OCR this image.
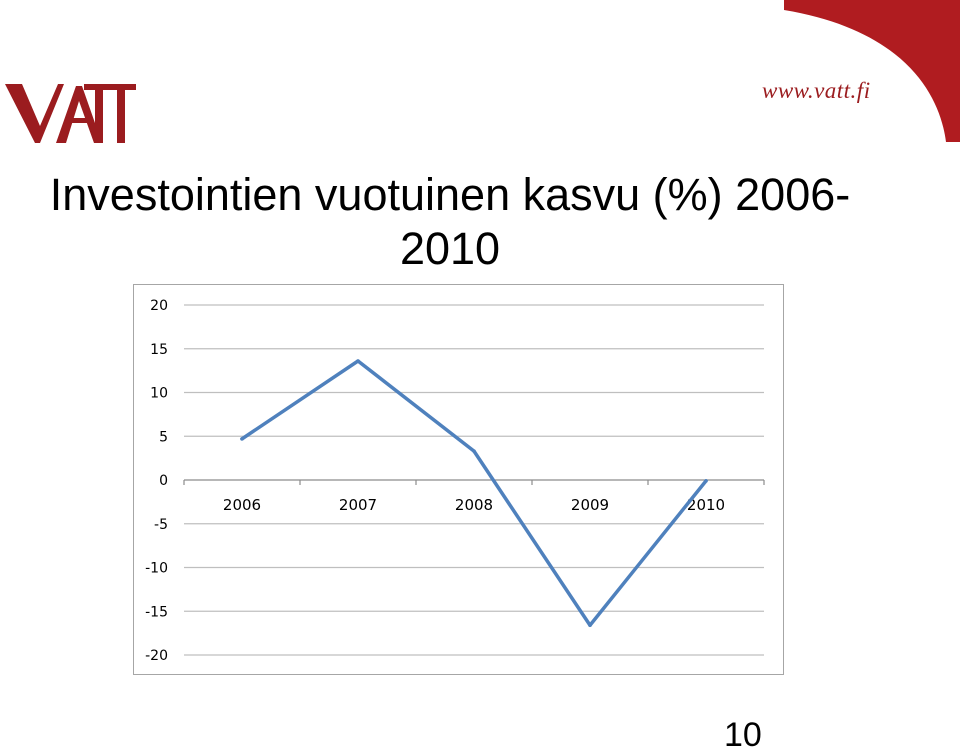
www.vatt.fi
Investointien vuotuinen kasvu (%) 2006-2010
20
15
10
5
0
-5
-10
-15
-20
2006	2007	2008	2009	2010
10
